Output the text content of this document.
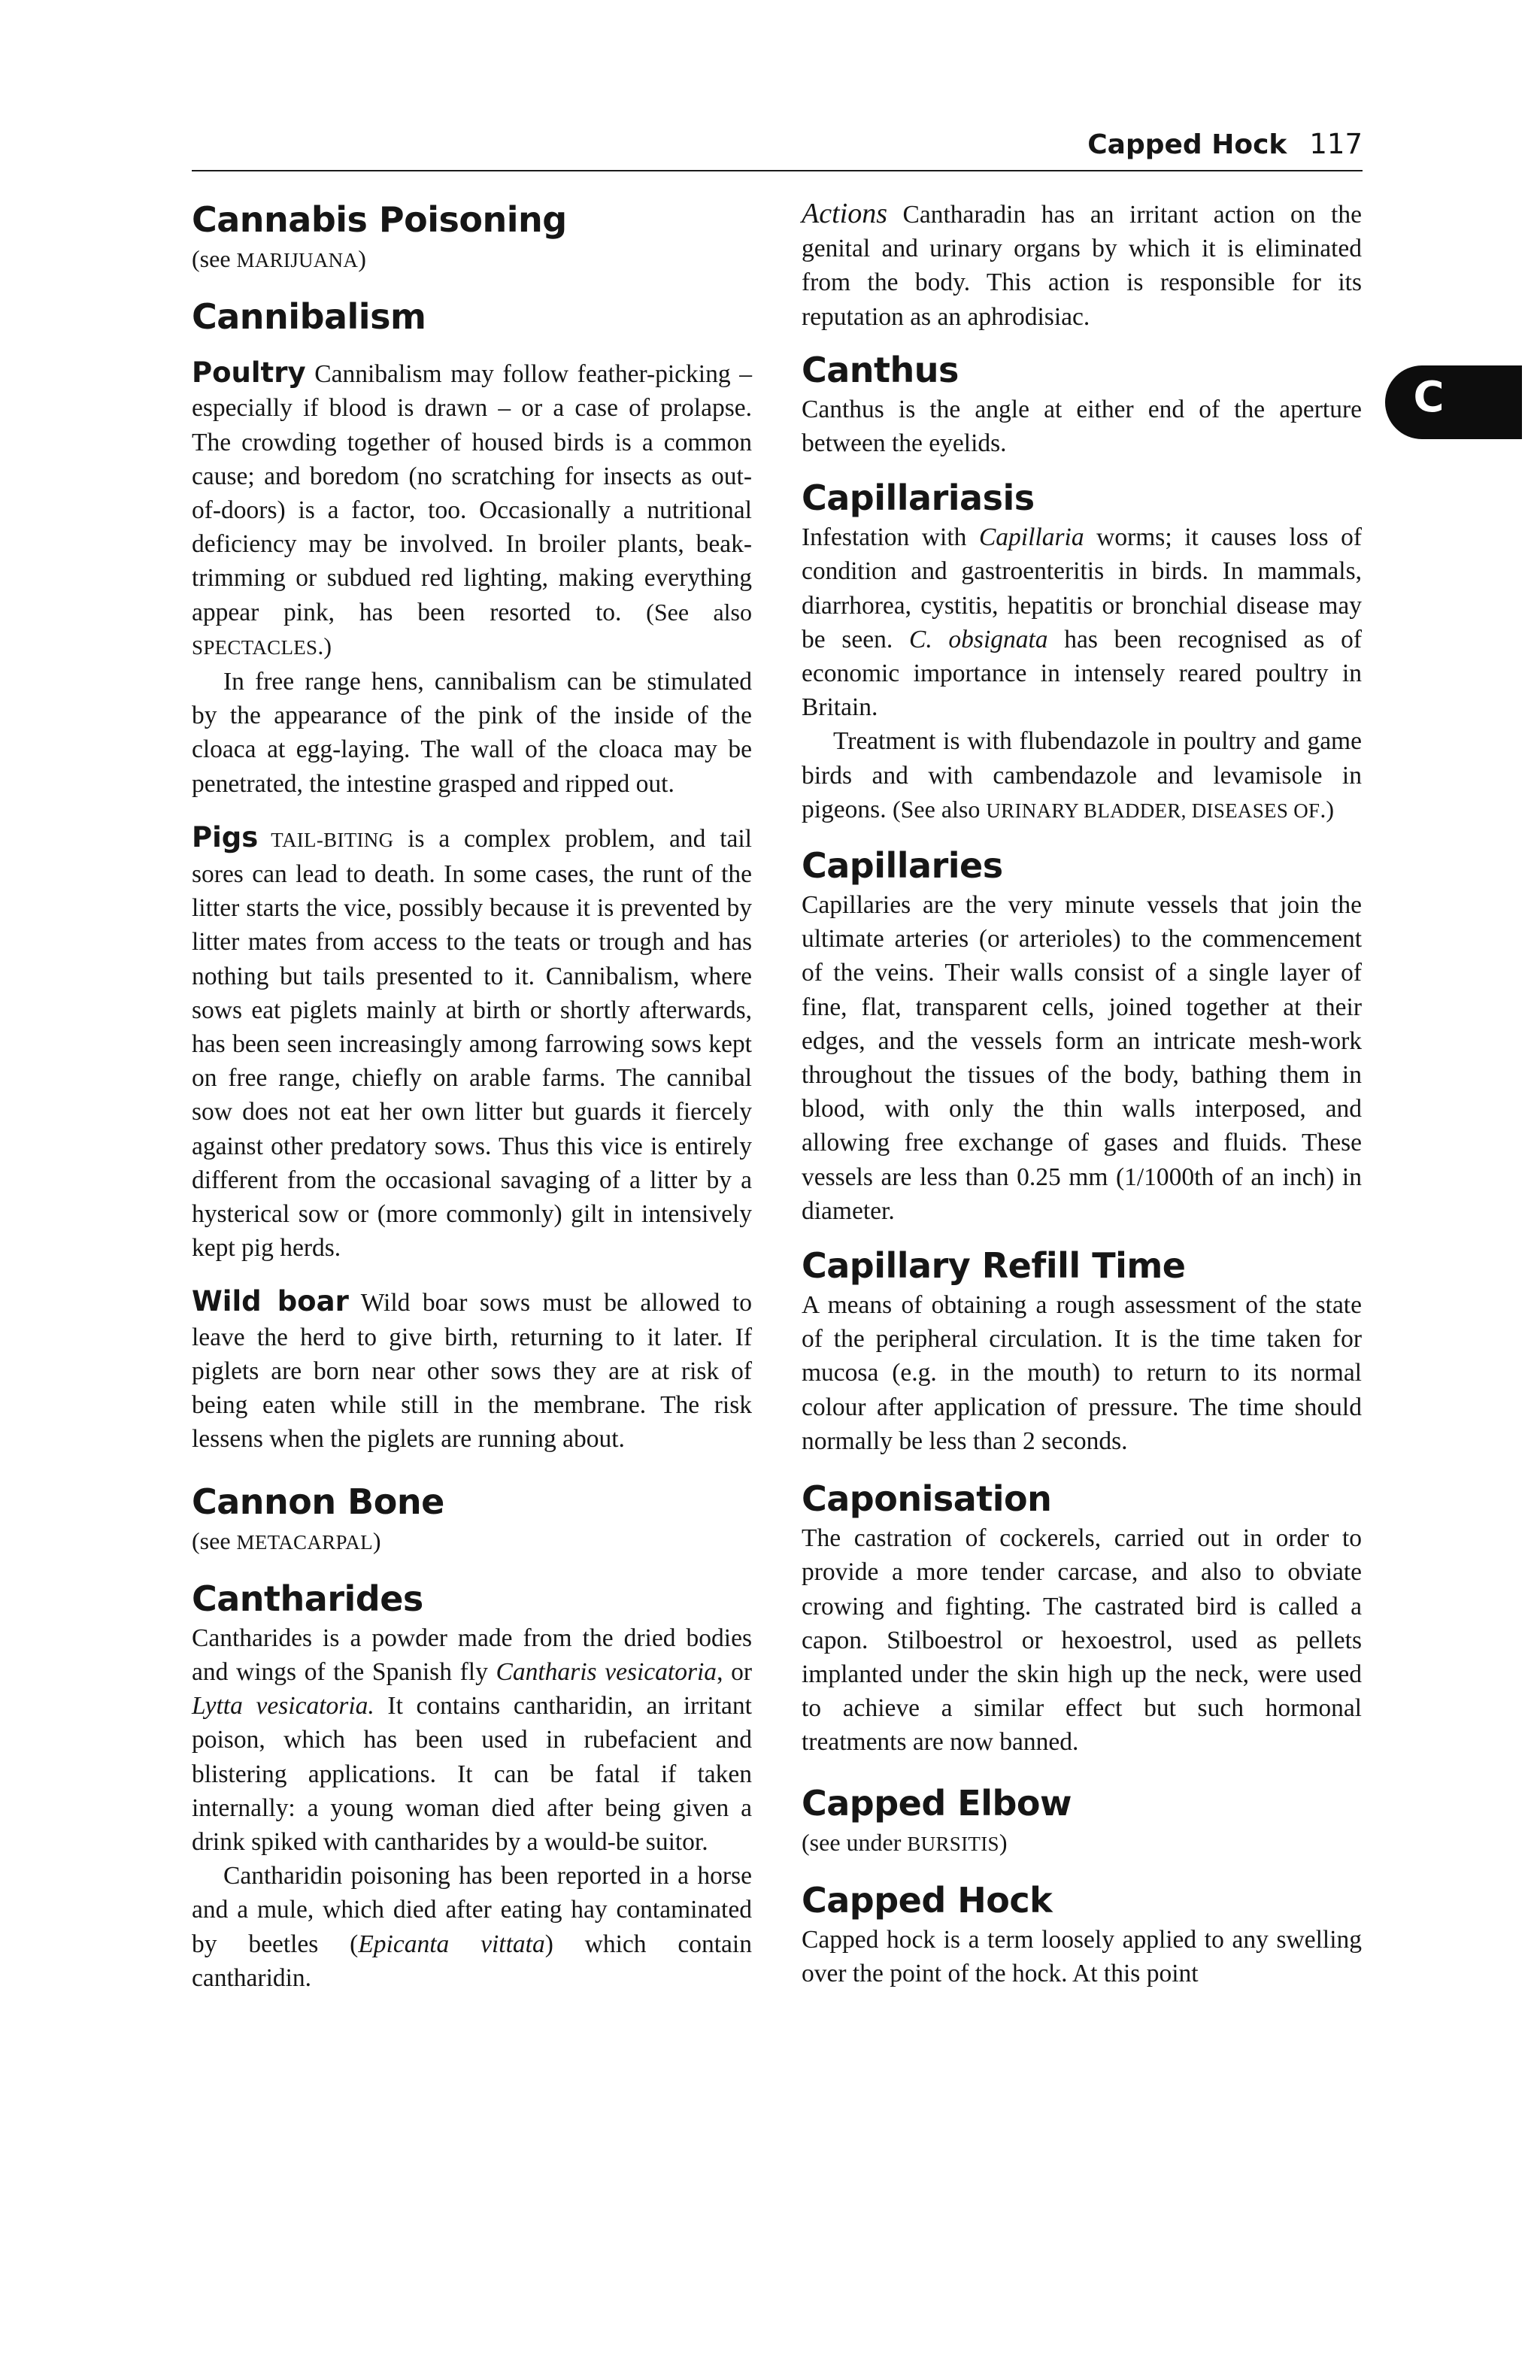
Capped Hock 117
C
Cannabis Poisoning

(see MARIJUANA)

Cannibalism

Poultry Cannibalism may follow feather-picking – especially if blood is drawn – or a case of prolapse. The crowding together of housed birds is a common cause; and boredom (no scratching for insects as out-of-doors) is a factor, too. Occasionally a nutritional deficiency may be involved. In broiler plants, beak-trimming or subdued red lighting, making everything appear pink, has been resorted to. (See also SPECTACLES.)

In free range hens, cannibalism can be stimulated by the appearance of the pink of the inside of the cloaca at egg-laying. The wall of the cloaca may be penetrated, the intestine grasped and ripped out.

Pigs TAIL-BITING is a complex problem, and tail sores can lead to death. In some cases, the runt of the litter starts the vice, possibly because it is prevented by litter mates from access to the teats or trough and has nothing but tails presented to it. Cannibalism, where sows eat piglets mainly at birth or shortly afterwards, has been seen increasingly among farrowing sows kept on free range, chiefly on arable farms. The cannibal sow does not eat her own litter but guards it fiercely against other predatory sows. Thus this vice is entirely different from the occasional savaging of a litter by a hysterical sow or (more commonly) gilt in intensively kept pig herds.

Wild boar Wild boar sows must be allowed to leave the herd to give birth, returning to it later. If piglets are born near other sows they are at risk of being eaten while still in the membrane. The risk lessens when the piglets are running about.

Cannon Bone

(see METACARPAL)

Cantharides

Cantharides is a powder made from the dried bodies and wings of the Spanish fly Cantharis vesicatoria, or Lytta vesicatoria. It contains cantharidin, an irritant poison, which has been used in rubefacient and blistering applications. It can be fatal if taken internally: a young woman died after being given a drink spiked with cantharides by a would-be suitor.

Cantharidin poisoning has been reported in a horse and a mule, which died after eating hay contaminated by beetles (Epicanta vittata) which contain cantharidin.

Actions Cantharadin has an irritant action on the genital and urinary organs by which it is eliminated from the body. This action is responsible for its reputation as an aphrodisiac.

Canthus

Canthus is the angle at either end of the aperture between the eyelids.

Capillariasis

Infestation with Capillaria worms; it causes loss of condition and gastroenteritis in birds. In mammals, diarrhorea, cystitis, hepatitis or bronchial disease may be seen. C. obsignata has been recognised as of economic importance in intensely reared poultry in Britain.

Treatment is with flubendazole in poultry and game birds and with cambendazole and levamisole in pigeons. (See also URINARY BLADDER, DISEASES OF.)

Capillaries

Capillaries are the very minute vessels that join the ultimate arteries (or arterioles) to the commencement of the veins. Their walls consist of a single layer of fine, flat, transparent cells, joined together at their edges, and the vessels form an intricate mesh-work throughout the tissues of the body, bathing them in blood, with only the thin walls interposed, and allowing free exchange of gases and fluids. These vessels are less than 0.25 mm (1/1000th of an inch) in diameter.

Capillary Refill Time

A means of obtaining a rough assessment of the state of the peripheral circulation. It is the time taken for mucosa (e.g. in the mouth) to return to its normal colour after application of pressure. The time should normally be less than 2 seconds.

Caponisation

The castration of cockerels, carried out in order to provide a more tender carcase, and also to obviate crowing and fighting. The castrated bird is called a capon. Stilboestrol or hexoestrol, used as pellets implanted under the skin high up the neck, were used to achieve a similar effect but such hormonal treatments are now banned.

Capped Elbow

(see under BURSITIS)

Capped Hock

Capped hock is a term loosely applied to any swelling over the point of the hock. At this point
